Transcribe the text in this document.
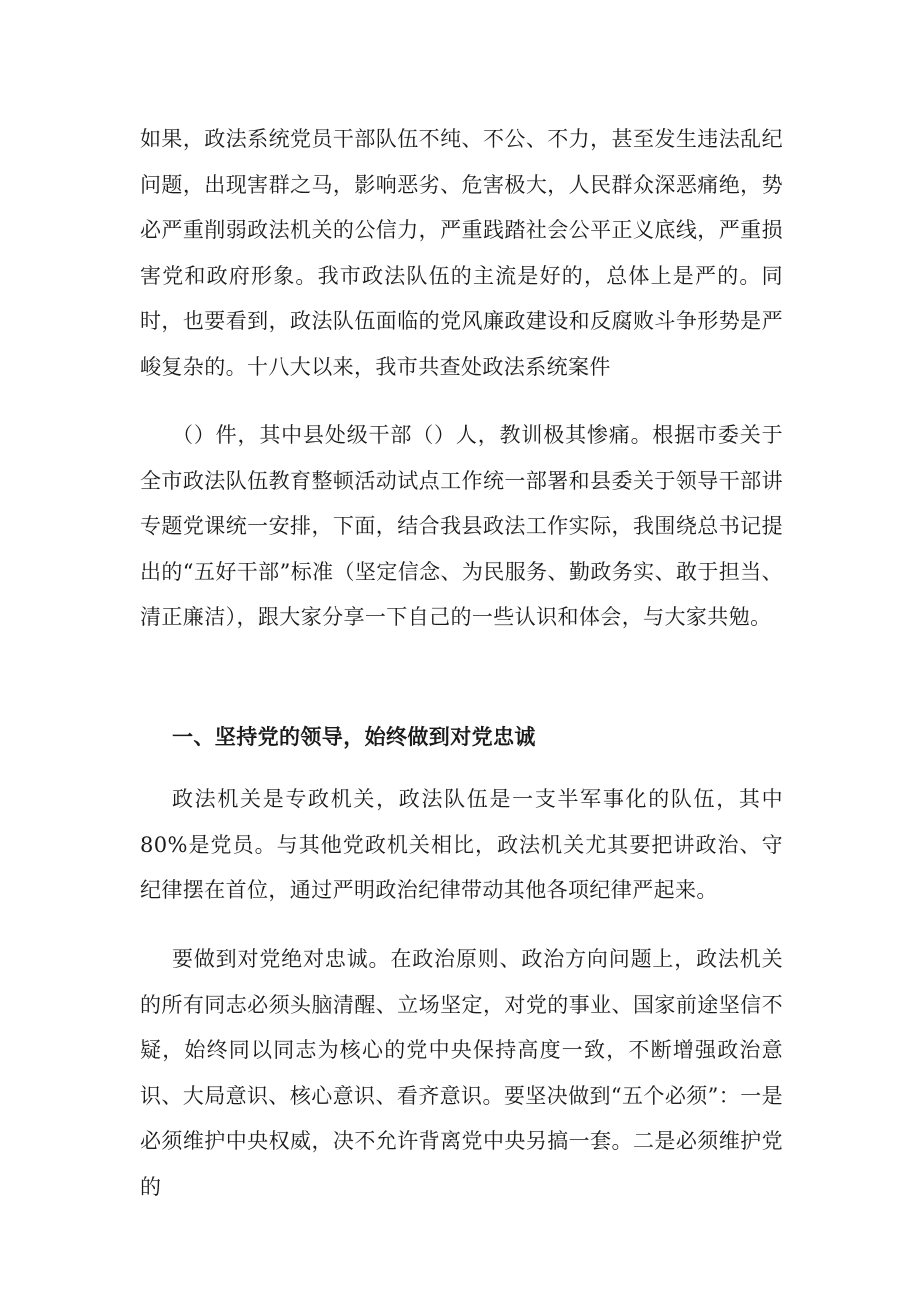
如果，政法系统党员干部队伍不纯、不公、不力，甚至发生违法乱纪问题，出现害群之马，影响恶劣、危害极大，人民群众深恶痛绝，势必严重削弱政法机关的公信力，严重践踏社会公平正义底线，严重损害党和政府形象。我市政法队伍的主流是好的，总体上是严的。同时，也要看到，政法队伍面临的党风廉政建设和反腐败斗争形势是严峻复杂的。十八大以来，我市共查处政法系统案件

（）件，其中县处级干部（）人，教训极其惨痛。根据市委关于全市政法队伍教育整顿活动试点工作统一部署和县委关于领导干部讲专题党课统一安排，下面，结合我县政法工作实际，我围绕总书记提出的“五好干部”标准（坚定信念、为民服务、勤政务实、敢于担当、清正廉洁），跟大家分享一下自己的一些认识和体会，与大家共勉。

一、坚持党的领导，始终做到对党忠诚

政法机关是专政机关，政法队伍是一支半军事化的队伍，其中80%是党员。与其他党政机关相比，政法机关尤其要把讲政治、守纪律摆在首位，通过严明政治纪律带动其他各项纪律严起来。

要做到对党绝对忠诚。在政治原则、政治方向问题上，政法机关的所有同志必须头脑清醒、立场坚定，对党的事业、国家前途坚信不疑，始终同以同志为核心的党中央保持高度一致，不断增强政治意识、大局意识、核心意识、看齐意识。要坚决做到“五个必须”：一是必须维护中央权威，决不允许背离党中央另搞一套。二是必须维护党的
